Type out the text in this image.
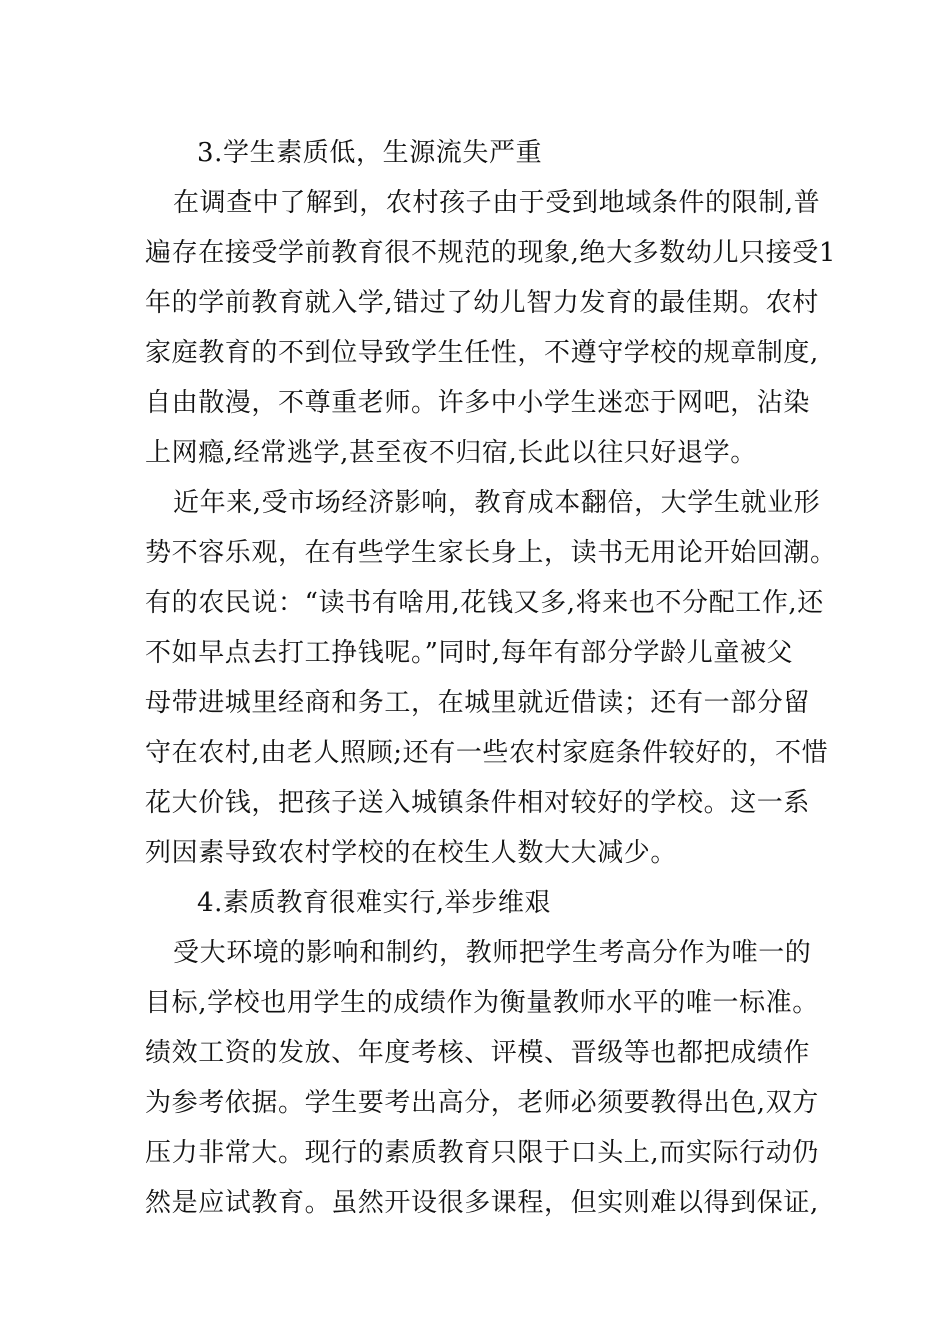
3.学生素质低，生源流失严重
在调查中了解到，农村孩子由于受到地域条件的限制,普
遍存在接受学前教育很不规范的现象,绝大多数幼儿只接受1
年的学前教育就入学,错过了幼儿智力发育的最佳期。农村
家庭教育的不到位导致学生任性，不遵守学校的规章制度,
自由散漫，不尊重老师。许多中小学生迷恋于网吧，沾染
上网瘾,经常逃学,甚至夜不归宿,长此以往只好退学。
近年来,受市场经济影响，教育成本翻倍，大学生就业形
势不容乐观，在有些学生家长身上，读书无用论开始回潮。
有的农民说：“读书有啥用,花钱又多,将来也不分配工作,还
不如早点去打工挣钱呢。”同时,每年有部分学龄儿童被父
母带进城里经商和务工，在城里就近借读；还有一部分留
守在农村,由老人照顾;还有一些农村家庭条件较好的，不惜
花大价钱，把孩子送入城镇条件相对较好的学校。这一系
列因素导致农村学校的在校生人数大大减少。
4.素质教育很难实行,举步维艰
受大环境的影响和制约，教师把学生考高分作为唯一的
目标,学校也用学生的成绩作为衡量教师水平的唯一标准。
绩效工资的发放、年度考核、评模、晋级等也都把成绩作
为参考依据。学生要考出高分，老师必须要教得出色,双方
压力非常大。现行的素质教育只限于口头上,而实际行动仍
然是应试教育。虽然开设很多课程，但实则难以得到保证,
